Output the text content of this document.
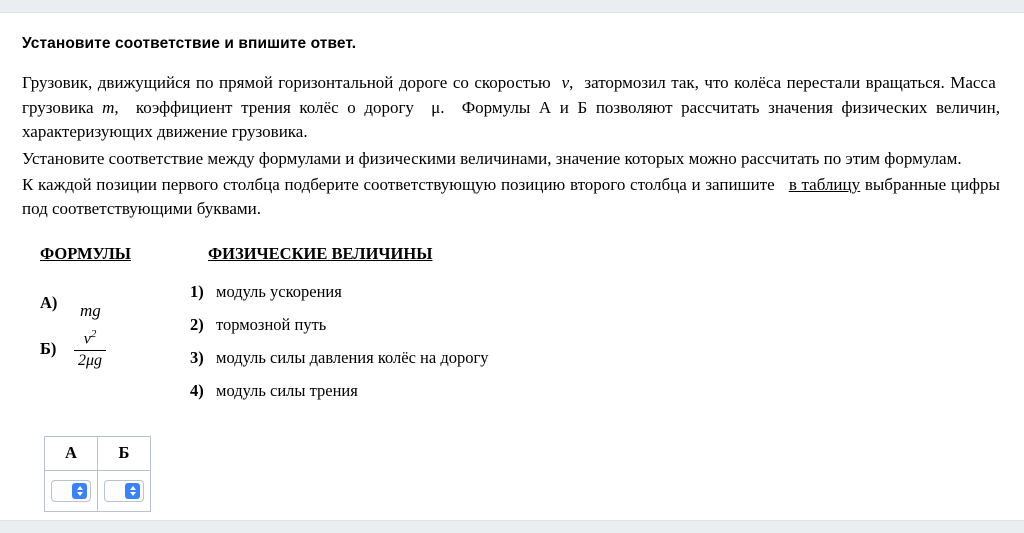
Установите соответствие и впишите ответ.

Грузовик, движущийся по прямой горизонтальной дороге со скоростью  v,  затормозил так, что колёса перестали вращаться. Масса  грузовика m,  коэффициент трения колёс о дорогу  μ.  Формулы А и Б позволяют рассчитать значения физических величин, характеризующих движение грузовика.

Установите соответствие между формулами и физическими величинами, значение которых можно рассчитать по этим формулам.

К каждой позиции первого столбца подберите соответствующую позицию второго столбца и запишите   в таблицу выбранные цифры под соответствующими буквами.

ФОРМУЛЫ	ФИЗИЧЕСКИЕ ВЕЛИЧИНЫ
А)	mg
Б)	$\frac{v^2}{2\mu g}$
1) модуль ускорения
2) тормозной путь
3) модуль силы давления колёс на дорогу
4) модуль силы трения
А	Б
